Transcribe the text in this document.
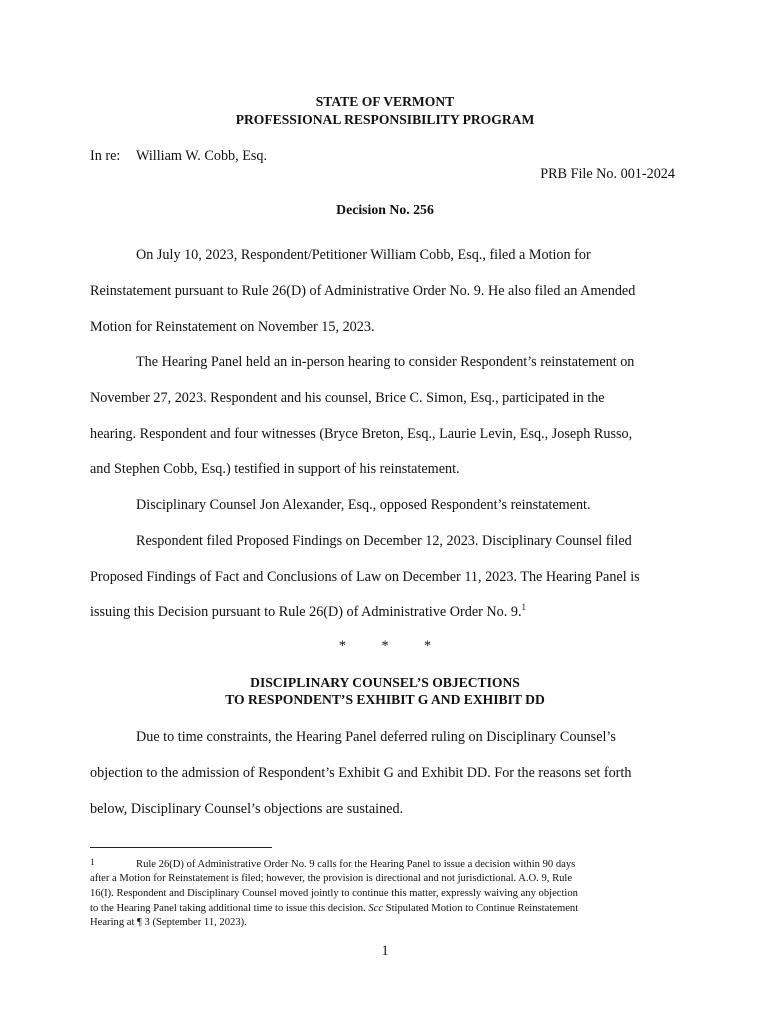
STATE OF VERMONT
PROFESSIONAL RESPONSIBILITY PROGRAM
In re: William W. Cobb, Esq.
PRB File No. 001-2024
Decision No. 256
On July 10, 2023, Respondent/Petitioner William Cobb, Esq., filed a Motion for
Reinstatement pursuant to Rule 26(D) of Administrative Order No. 9. He also filed an Amended
Motion for Reinstatement on November 15, 2023.
The Hearing Panel held an in-person hearing to consider Respondent’s reinstatement on
November 27, 2023. Respondent and his counsel, Brice C. Simon, Esq., participated in the
hearing. Respondent and four witnesses (Bryce Breton, Esq., Laurie Levin, Esq., Joseph Russo,
and Stephen Cobb, Esq.) testified in support of his reinstatement.
Disciplinary Counsel Jon Alexander, Esq., opposed Respondent’s reinstatement.
Respondent filed Proposed Findings on December 12, 2023. Disciplinary Counsel filed
Proposed Findings of Fact and Conclusions of Law on December 11, 2023. The Hearing Panel is
issuing this Decision pursuant to Rule 26(D) of Administrative Order No. 9.$^1$
*          *          *
DISCIPLINARY COUNSEL’S OBJECTIONS
TO RESPONDENT’S EXHIBIT G AND EXHIBIT DD
Due to time constraints, the Hearing Panel deferred ruling on Disciplinary Counsel’s
objection to the admission of Respondent’s Exhibit G and Exhibit DD. For the reasons set forth
below, Disciplinary Counsel’s objections are sustained.
1	Rule 26(D) of Administrative Order No. 9 calls for the Hearing Panel to issue a decision within 90 days
after a Motion for Reinstatement is filed; however, the provision is directional and not jurisdictional. A.O. 9, Rule
16(I). Respondent and Disciplinary Counsel moved jointly to continue this matter, expressly waiving any objection
to the Hearing Panel taking additional time to issue this decision. Scc Stipulated Motion to Continue Reinstatement
Hearing at ¶ 3 (September 11, 2023).
1
